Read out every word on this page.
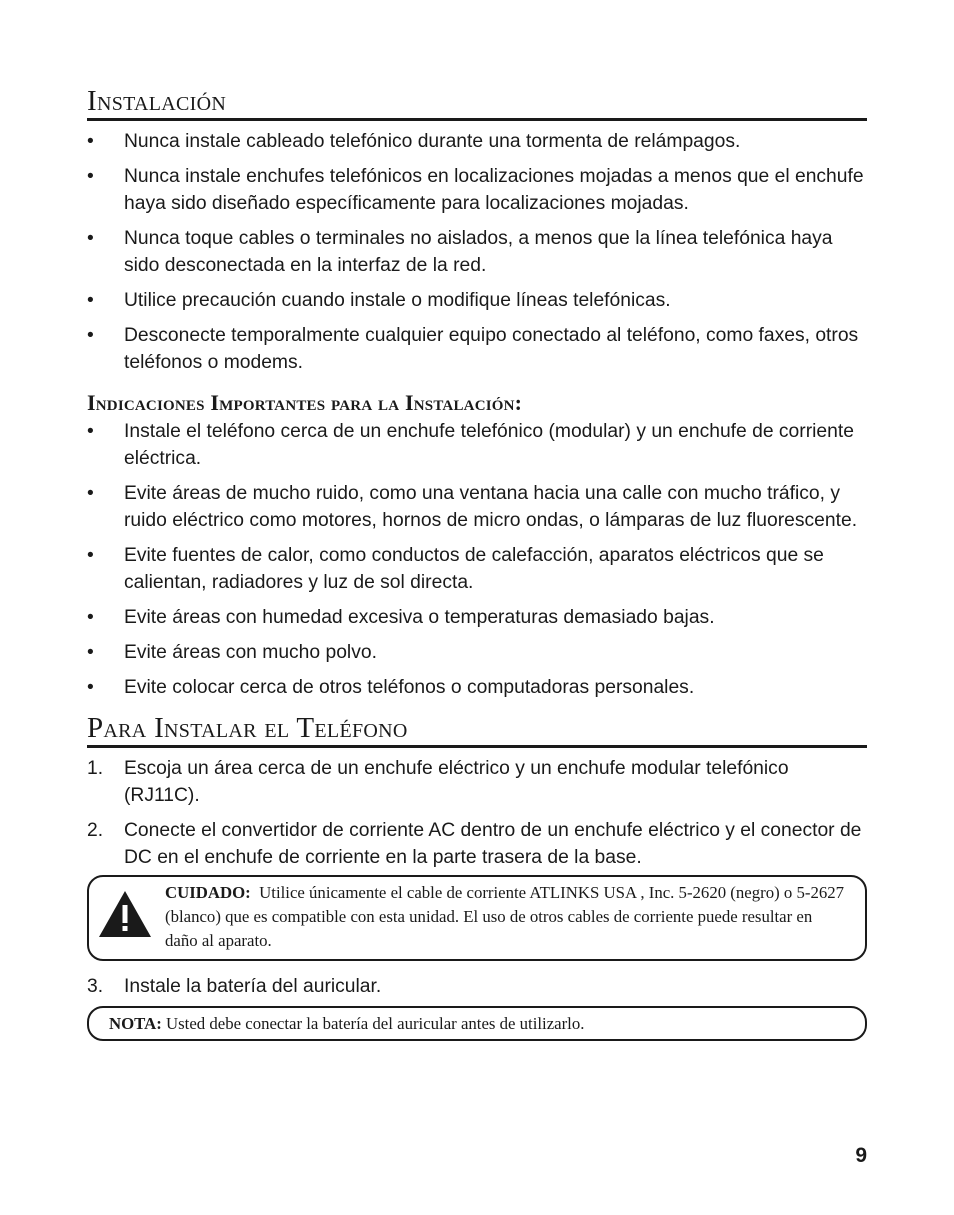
Instalación
•	Nunca instale cableado telefónico durante una tormenta de relámpagos.
•	Nunca instale enchufes telefónicos en localizaciones mojadas a menos que el enchufe haya sido diseñado específicamente para localizaciones mojadas.
•	Nunca toque cables o terminales no aislados, a menos que la línea telefónica haya sido desconectada en la interfaz de la red.
•	Utilice precaución cuando instale o modifique líneas telefónicas.
•	Desconecte temporalmente cualquier equipo conectado al teléfono, como faxes, otros teléfonos o modems.
Indicaciones Importantes para la Instalación:
•	Instale el teléfono cerca de un enchufe telefónico (modular) y un enchufe de corriente eléctrica.
•	Evite áreas de mucho ruido, como una ventana hacia una calle con mucho tráfico, y ruido eléctrico como motores, hornos de micro ondas, o lámparas de luz fluorescente.
•	Evite fuentes de calor, como conductos de calefacción, aparatos eléctricos que se calientan, radiadores y luz de sol directa.
•	Evite áreas con humedad excesiva o temperaturas demasiado bajas.
•	Evite áreas con mucho polvo.
•	Evite colocar cerca de otros teléfonos o computadoras personales.
Para Instalar el Teléfono
1.	Escoja un área cerca de un enchufe eléctrico y un enchufe modular telefónico (RJ11C).
2.	Conecte el convertidor de corriente AC dentro de un enchufe eléctrico y el conector de DC en el enchufe de corriente en la parte trasera de la base.
CUIDADO: Utilice únicamente el cable de corriente ATLINKS USA , Inc. 5-2620 (negro) o 5-2627 (blanco) que es compatible con esta unidad. El uso de otros cables de corriente puede resultar en daño al aparato.
3.	Instale la batería del auricular.
NOTA: Usted debe conectar la batería del auricular antes de utilizarlo.
9
